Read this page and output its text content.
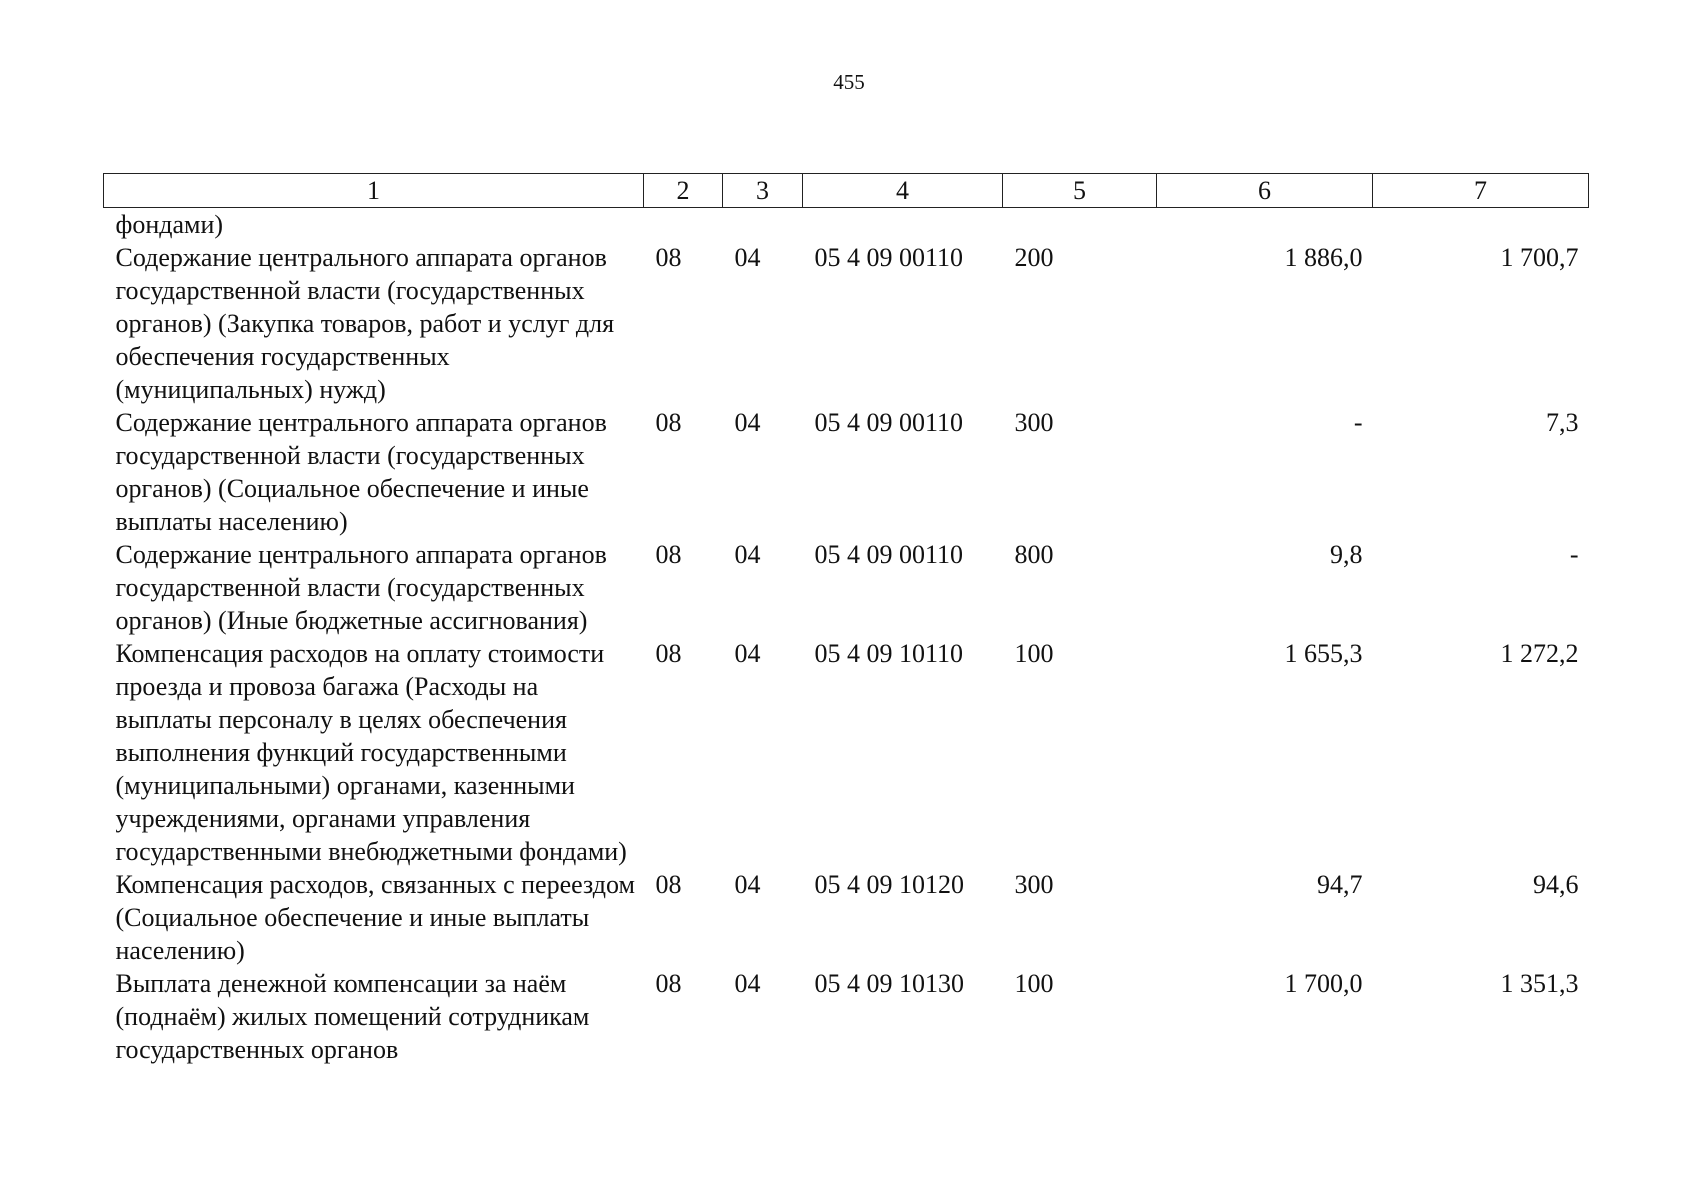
455
1	2	3	4	5	6	7
фондами)						
Содержание центрального аппарата органов государственной власти (государственных органов) (Закупка товаров, работ и услуг для обеспечения государственных (муниципальных) нужд)	08	04	05 4 09 00110	200	1 886,0	1 700,7
Содержание центрального аппарата органов государственной власти (государственных органов) (Социальное обеспечение и иные выплаты населению)	08	04	05 4 09 00110	300	-	7,3
Содержание центрального аппарата органов государственной власти (государственных органов) (Иные бюджетные ассигнования)	08	04	05 4 09 00110	800	9,8	-
Компенсация расходов на оплату стоимости проезда и провоза багажа (Расходы на выплаты персоналу в целях обеспечения выполнения функций государственными (муниципальными) органами, казенными учреждениями, органами управления государственными внебюджетными фондами)	08	04	05 4 09 10110	100	1 655,3	1 272,2
Компенсация расходов, связанных с переездом (Социальное обеспечение и иные выплаты населению)	08	04	05 4 09 10120	300	94,7	94,6
Выплата денежной компенсации за наём (поднаём) жилых помещений сотрудникам государственных органов	08	04	05 4 09 10130	100	1 700,0	1 351,3
